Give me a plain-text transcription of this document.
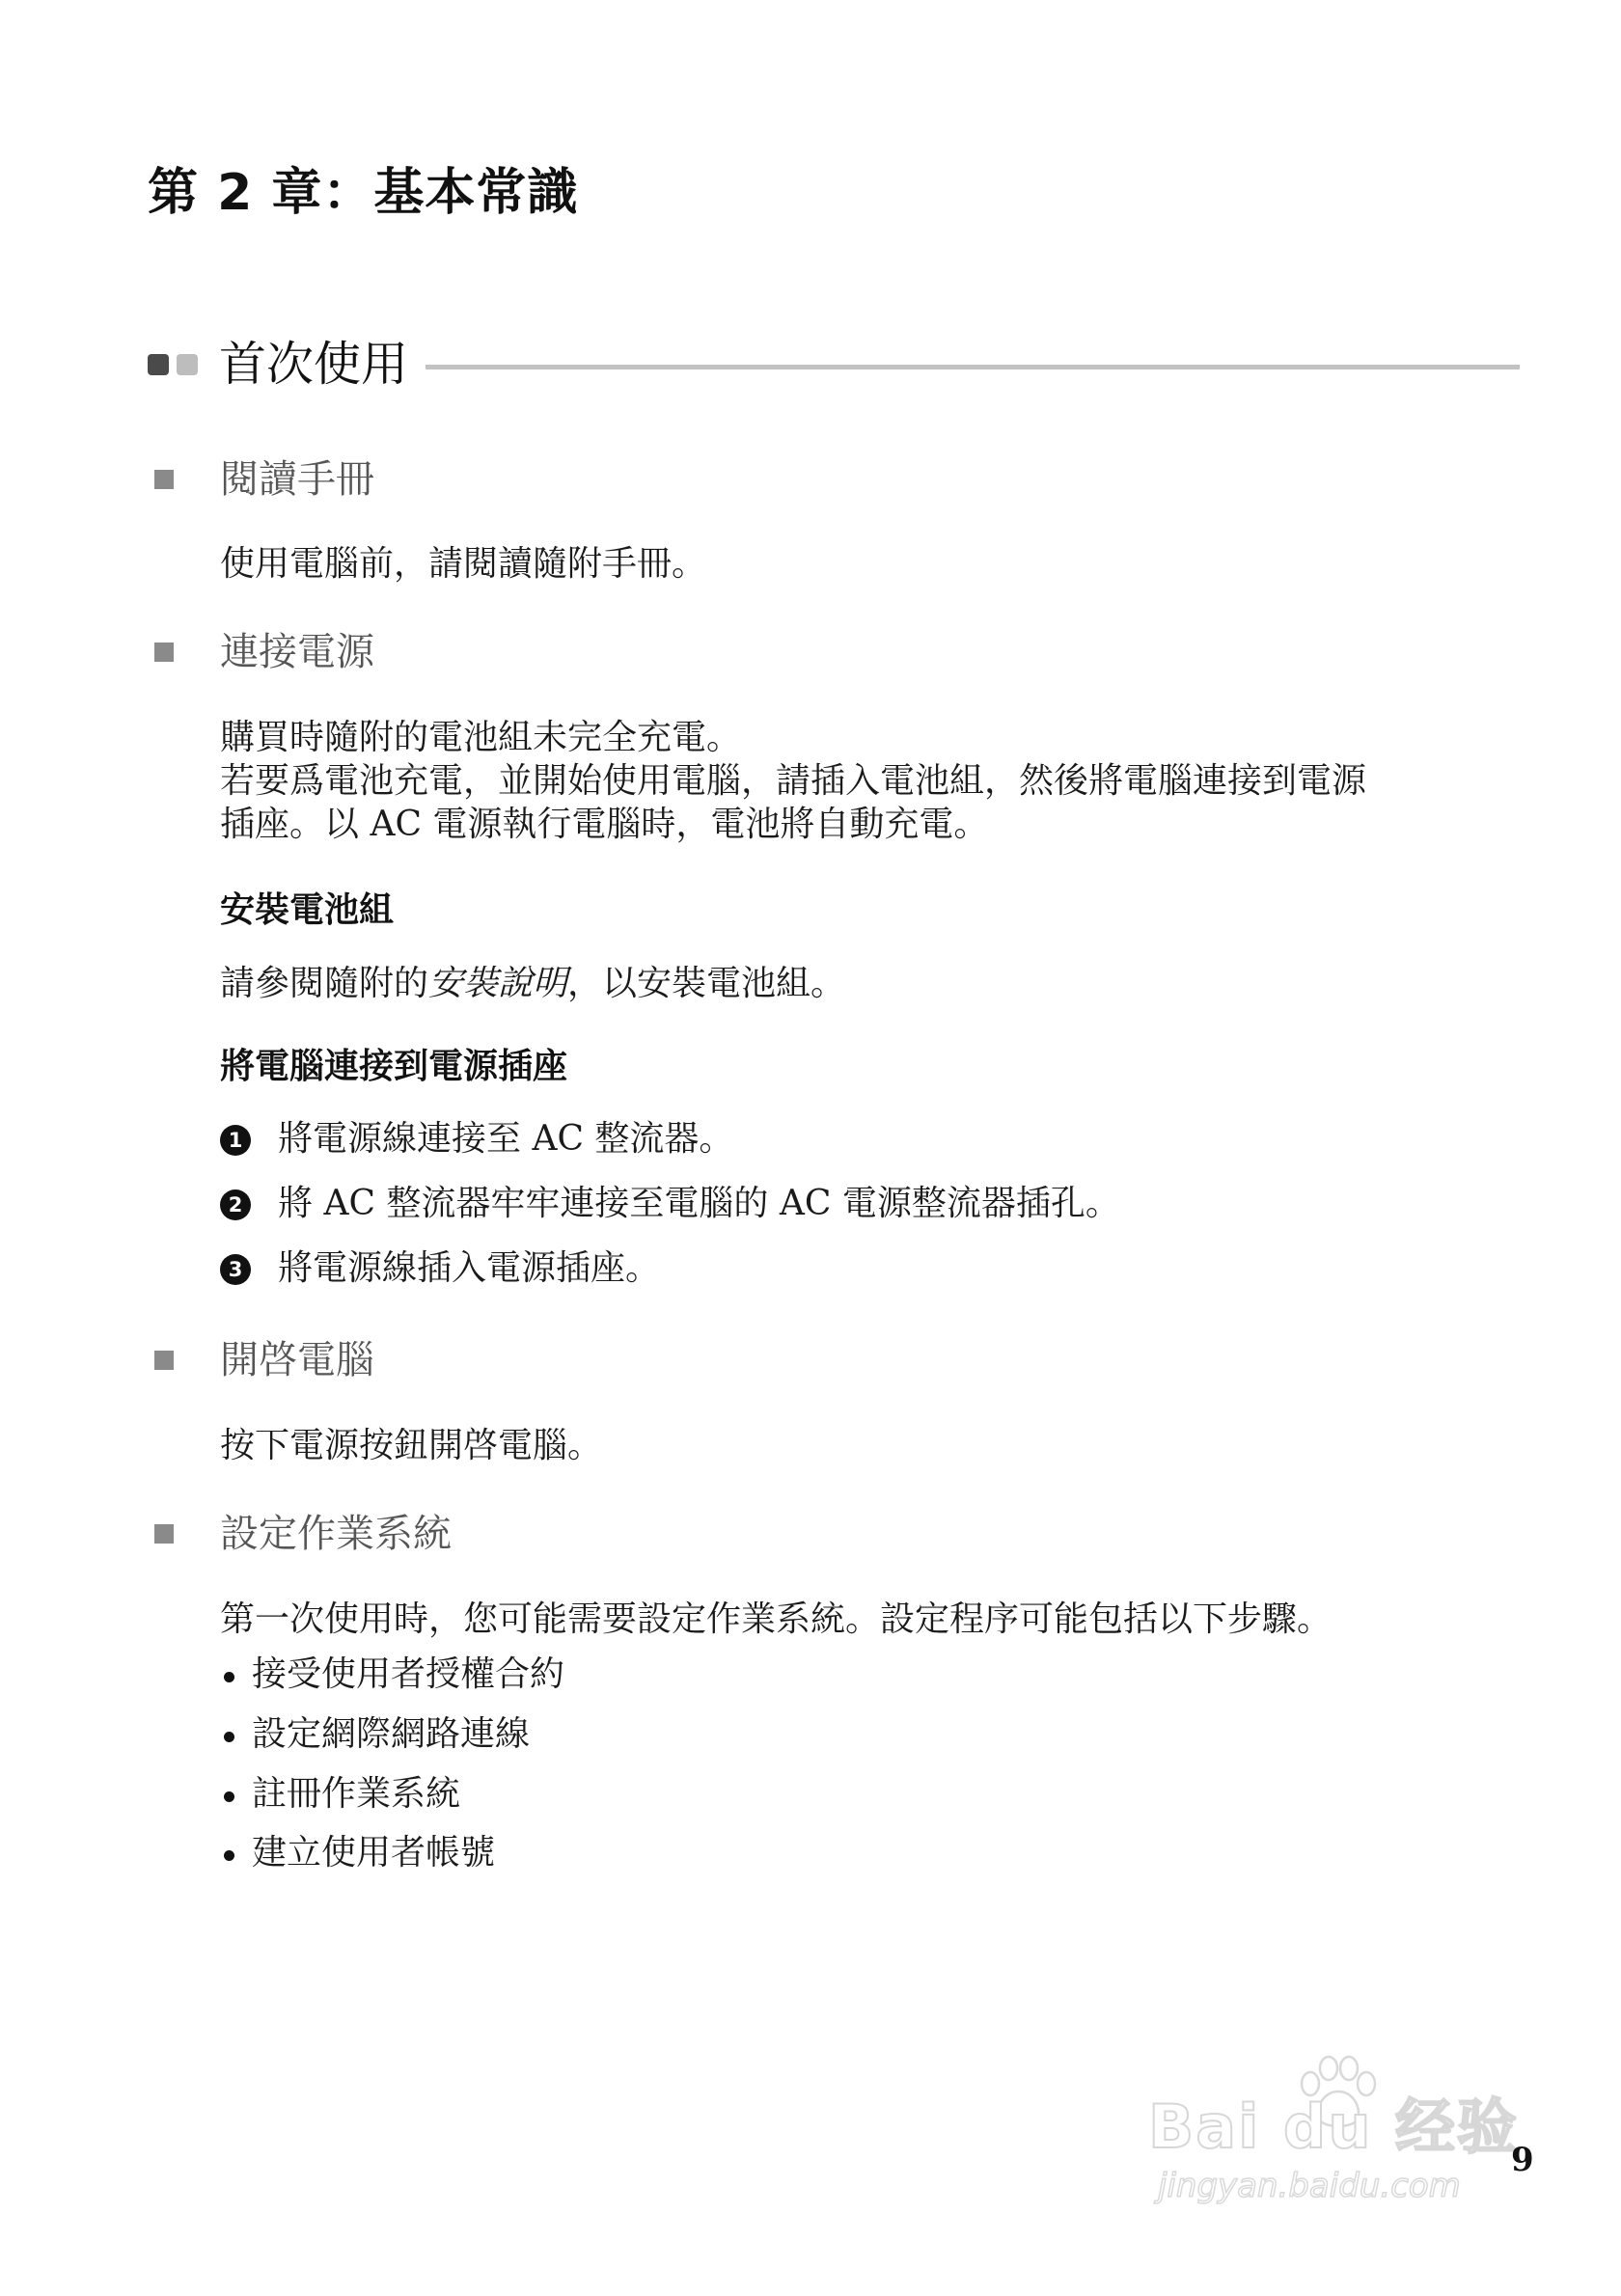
第 2 章：基本常識
首次使用
閱讀手冊
使用電腦前，請閱讀隨附手冊。
連接電源
購買時隨附的電池組未完全充電。
若要爲電池充電，並開始使用電腦，請插入電池組，然後將電腦連接到電源
插座。以 AC 電源執行電腦時，電池將自動充電。
安裝電池組
請參閱隨附的安裝說明，以安裝電池組。
將電腦連接到電源插座
1 將電源線連接至 AC 整流器。
2 將 AC 整流器牢牢連接至電腦的 AC 電源整流器插孔。
3 將電源線插入電源插座。
開啓電腦
按下電源按鈕開啓電腦。
設定作業系統
第一次使用時，您可能需要設定作業系統。設定程序可能包括以下步驟。
接受使用者授權合約
設定網際網路連線
註冊作業系統
建立使用者帳號
Bai du 经验
jingyan.baidu.com
9
